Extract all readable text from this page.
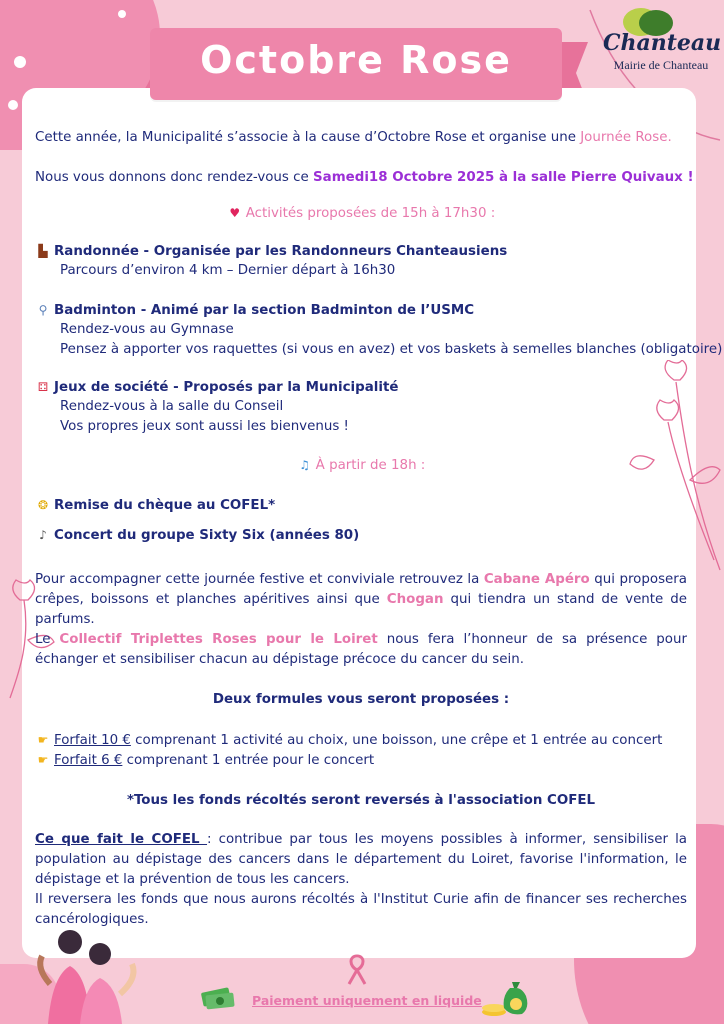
Octobre Rose	Chanteau
Mairie de Chanteau
Cette année, la Municipalité s’associe à la cause d’Octobre Rose et organise une Journée Rose.
Nous vous donnons donc rendez-vous ce Samedi18 Octobre 2025 à la salle Pierre Quivaux !
♥ Activités proposées de 15h à 17h30 :
▙ Randonnée - Organisée par les Randonneurs Chanteausiens
Parcours d’environ 4 km – Dernier départ à 16h30
⚲ Badminton - Animé par la section Badminton de l’USMC
Rendez-vous au Gymnase
Pensez à apporter vos raquettes (si vous en avez) et vos baskets à semelles blanches (obligatoire)
⚃ Jeux de société - Proposés par la Municipalité
Rendez-vous à la salle du Conseil
Vos propres jeux sont aussi les bienvenus !
♫ À partir de 18h :
❂ Remise du chèque au COFEL*
♪ Concert du groupe Sixty Six (années 80)
Pour accompagner cette journée festive et conviviale retrouvez la Cabane Apéro qui proposera crêpes, boissons et planches apéritives ainsi que Chogan qui tiendra un stand de vente de parfums.
Le Collectif Triplettes Roses pour le Loiret nous fera l’honneur de sa présence pour échanger et sensibiliser chacun au dépistage précoce du cancer du sein.
Deux formules vous seront proposées :
☛ Forfait 10 € comprenant 1 activité au choix, une boisson, une crêpe et 1 entrée au concert
☛ Forfait 6 € comprenant 1 entrée pour le concert
*Tous les fonds récoltés seront reversés à l'association COFEL
Ce que fait le COFEL : contribue par tous les moyens possibles à informer, sensibiliser la population au dépistage des cancers dans le département du Loiret, favorise l'information, le dépistage et la prévention de tous les cancers.
Il reversera les fonds que nous aurons récoltés à l'Institut Curie afin de financer ses recherches cancérologiques.
Paiement uniquement en liquide
